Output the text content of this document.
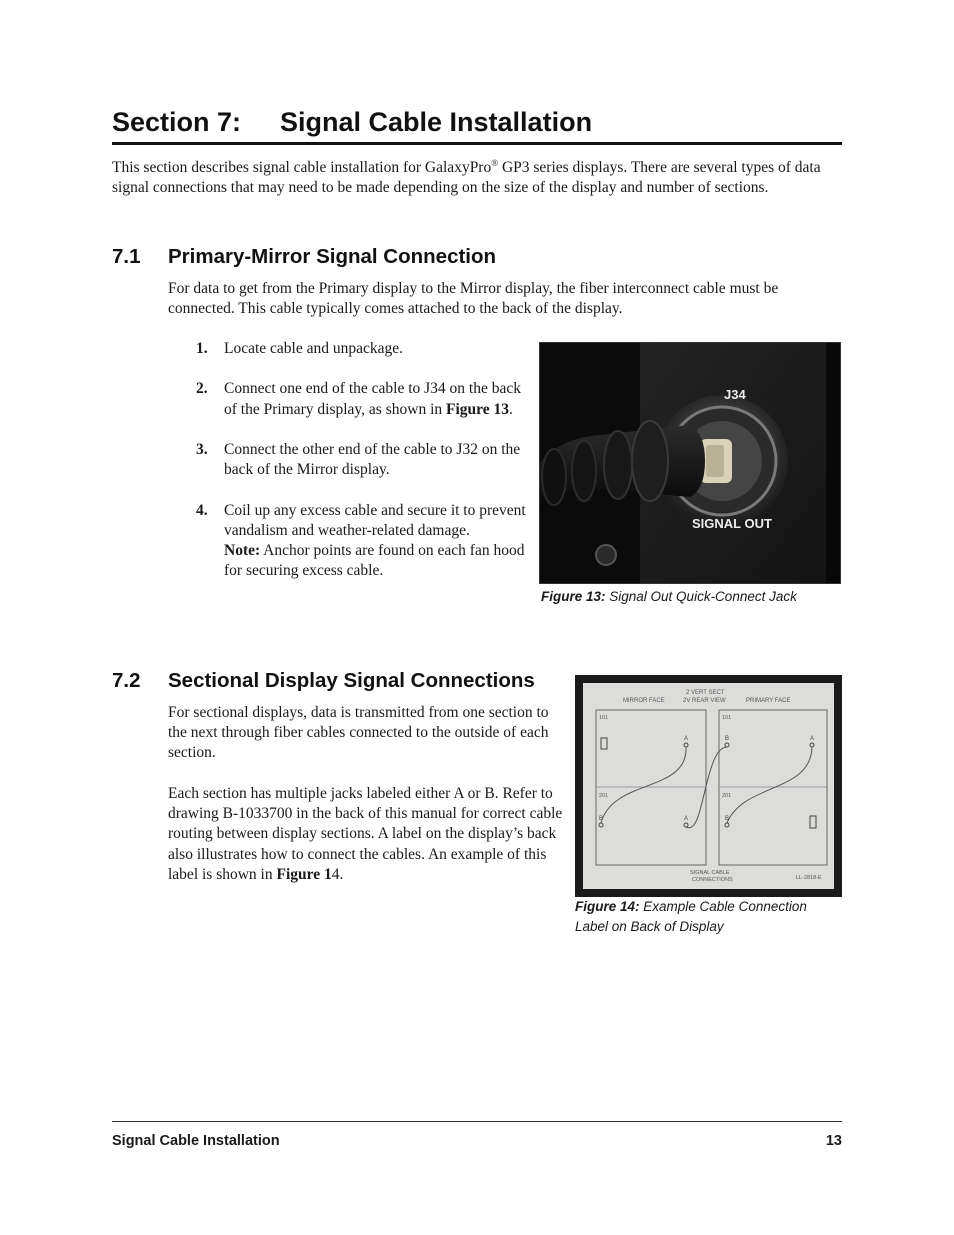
Section 7: Signal Cable Installation
This section describes signal cable installation for GalaxyPro® GP3 series displays. There are several types of data signal connections that may need to be made depending on the size of the display and number of sections.
7.1 Primary-Mirror Signal Connection
For data to get from the Primary display to the Mirror display, the fiber interconnect cable must be connected. This cable typically comes attached to the back of the display.
1. Locate cable and unpackage.
2. Connect one end of the cable to J34 on the back of the Primary display, as shown in Figure 13.
3. Connect the other end of the cable to J32 on the back of the Mirror display.
4. Coil up any excess cable and secure it to prevent vandalism and weather-related damage.
Note: Anchor points are found on each fan hood for securing excess cable.
J34
SIGNAL OUT
Figure 13: Signal Out Quick-Connect Jack
7.2 Sectional Display Signal Connections
For sectional displays, data is transmitted from one section to the next through fiber cables connected to the outside of each section.
Each section has multiple jacks labeled either A or B. Refer to drawing B-1033700 in the back of this manual for correct cable routing between display sections. A label on the display’s back also illustrates how to connect the cables. An example of this label is shown in Figure 14.
MIRROR FACE
2 VERT SECT
2V REAR VIEW	PRIMARY FACE
101	101
201	201
A
B	A
B	A
B
SIGNAL CABLE
CONNECTIONS	LL-2818-E
Figure 14: Example Cable Connection Label on Back of Display
Signal Cable Installation	13
